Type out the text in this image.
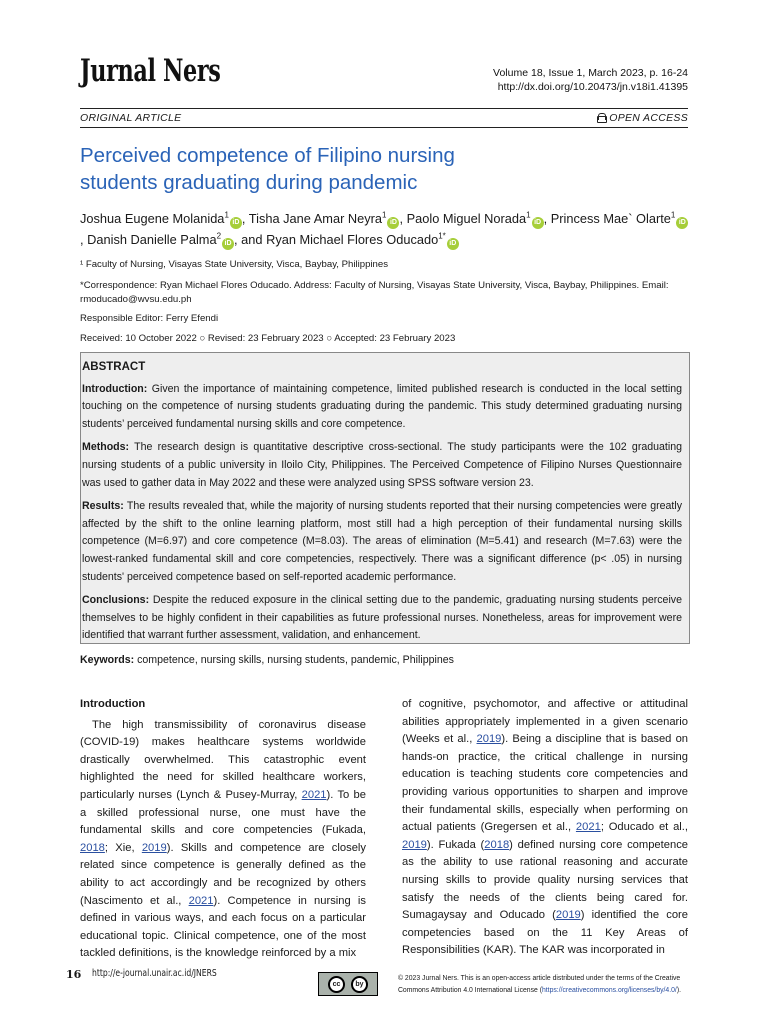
Jurnal Ners	Volume 18, Issue 1, March 2023, p. 16-24
http://dx.doi.org/10.20473/jn.v18i1.41395
ORIGINAL ARTICLE	OPEN ACCESS
Perceived competence of Filipino nursing
students graduating during pandemic
Joshua Eugene Molanida$^1$iD , Tisha Jane Amar Neyra$^1$iD , Paolo Miguel Norada$^1$iD , Princess Mae` Olarte$^1$iD, Danish Danielle Palma$^2$iD , and Ryan Michael Flores Oducado$^{1*}$iD
¹ Faculty of Nursing, Visayas State University, Visca, Baybay, Philippines
*Correspondence: Ryan Michael Flores Oducado. Address: Faculty of Nursing, Visayas State University, Visca, Baybay, Philippines. Email: rmoducado@wvsu.edu.ph
Responsible Editor: Ferry Efendi
Received: 10 October 2022 ○ Revised: 23 February 2023 ○ Accepted: 23 February 2023
ABSTRACT

Introduction: Given the importance of maintaining competence, limited published research is conducted in the local setting touching on the competence of nursing students graduating during the pandemic. This study determined graduating nursing students’ perceived fundamental nursing skills and core competence.

Methods: The research design is quantitative descriptive cross-sectional. The study participants were the 102 graduating nursing students of a public university in Iloilo City, Philippines. The Perceived Competence of Filipino Nurses Questionnaire was used to gather data in May 2022 and these were analyzed using SPSS software version 23.

Results: The results revealed that, while the majority of nursing students reported that their nursing competencies were greatly affected by the shift to the online learning platform, most still had a high perception of their fundamental nursing skills competence (M=6.97) and core competence (M=8.03). The areas of elimination (M=5.41) and research (M=7.63) were the lowest-ranked fundamental skill and core competencies, respectively. There was a significant difference (p< .05) in nursing students' perceived competence based on self-reported academic performance.

Conclusions: Despite the reduced exposure in the clinical setting due to the pandemic, graduating nursing students perceive themselves to be highly confident in their capabilities as future professional nurses. Nonetheless, areas for improvement were identified that warrant further assessment, validation, and enhancement.

Keywords: competence, nursing skills, nursing students, pandemic, Philippines
Introduction

The high transmissibility of coronavirus disease (COVID-19) makes healthcare systems worldwide drastically overwhelmed. This catastrophic event highlighted the need for skilled healthcare workers, particularly nurses (Lynch & Pusey-Murray, 2021). To be a skilled professional nurse, one must have the fundamental skills and core competencies (Fukada, 2018; Xie, 2019). Skills and competence are closely related since competence is generally defined as the ability to act accordingly and be recognized by others (Nascimento et al., 2021). Competence in nursing is defined in various ways, and each focus on a particular educational topic. Clinical competence, one of the most tackled definitions, is the knowledge reinforced by a mix

of cognitive, psychomotor, and affective or attitudinal abilities appropriately implemented in a given scenario (Weeks et al., 2019). Being a discipline that is based on hands-on practice, the critical challenge in nursing education is teaching students core competencies and providing various opportunities to sharpen and improve their fundamental skills, especially when performing on actual patients (Gregersen et al., 2021; Oducado et al., 2019). Fukada (2018) defined nursing core competence as the ability to use rational reasoning and accurate nursing skills to provide quality nursing services that satisfy the needs of the clients being cared for. Sumagaysay and Oducado (2019) identified the core competencies based on the 11 Key Areas of Responsibilities (KAR). The KAR was incorporated in

16 http://e-journal.unair.ac.id/JNERS
cc	by
© 2023 Jurnal Ners. This is an open-access article distributed under the terms of the Creative Commons Attribution 4.0 International License (https://creativecommons.org/licenses/by/4.0/).
